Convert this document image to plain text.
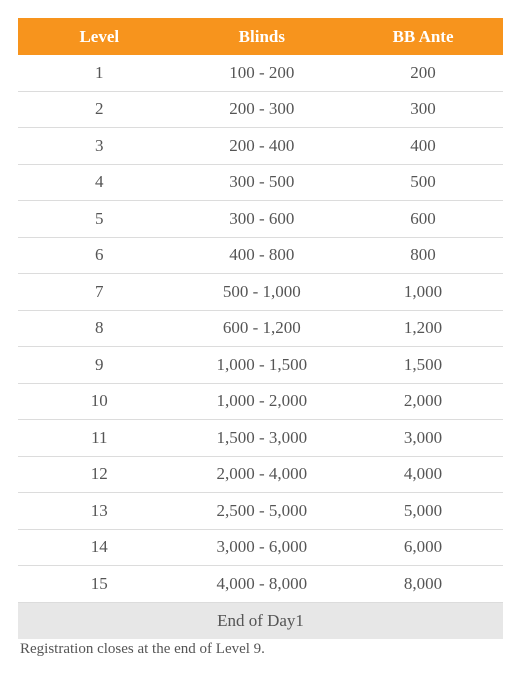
Level	Blinds	BB Ante
1	100 - 200	200
2	200 - 300	300
3	200 - 400	400
4	300 - 500	500
5	300 - 600	600
6	400 - 800	800
7	500 - 1,000	1,000
8	600 - 1,200	1,200
9	1,000 - 1,500	1,500
10	1,000 - 2,000	2,000
11	1,500 - 3,000	3,000
12	2,000 - 4,000	4,000
13	2,500 - 5,000	5,000
14	3,000 - 6,000	6,000
15	4,000 - 8,000	8,000
End of Day1		
Registration closes at the end of Level 9.
